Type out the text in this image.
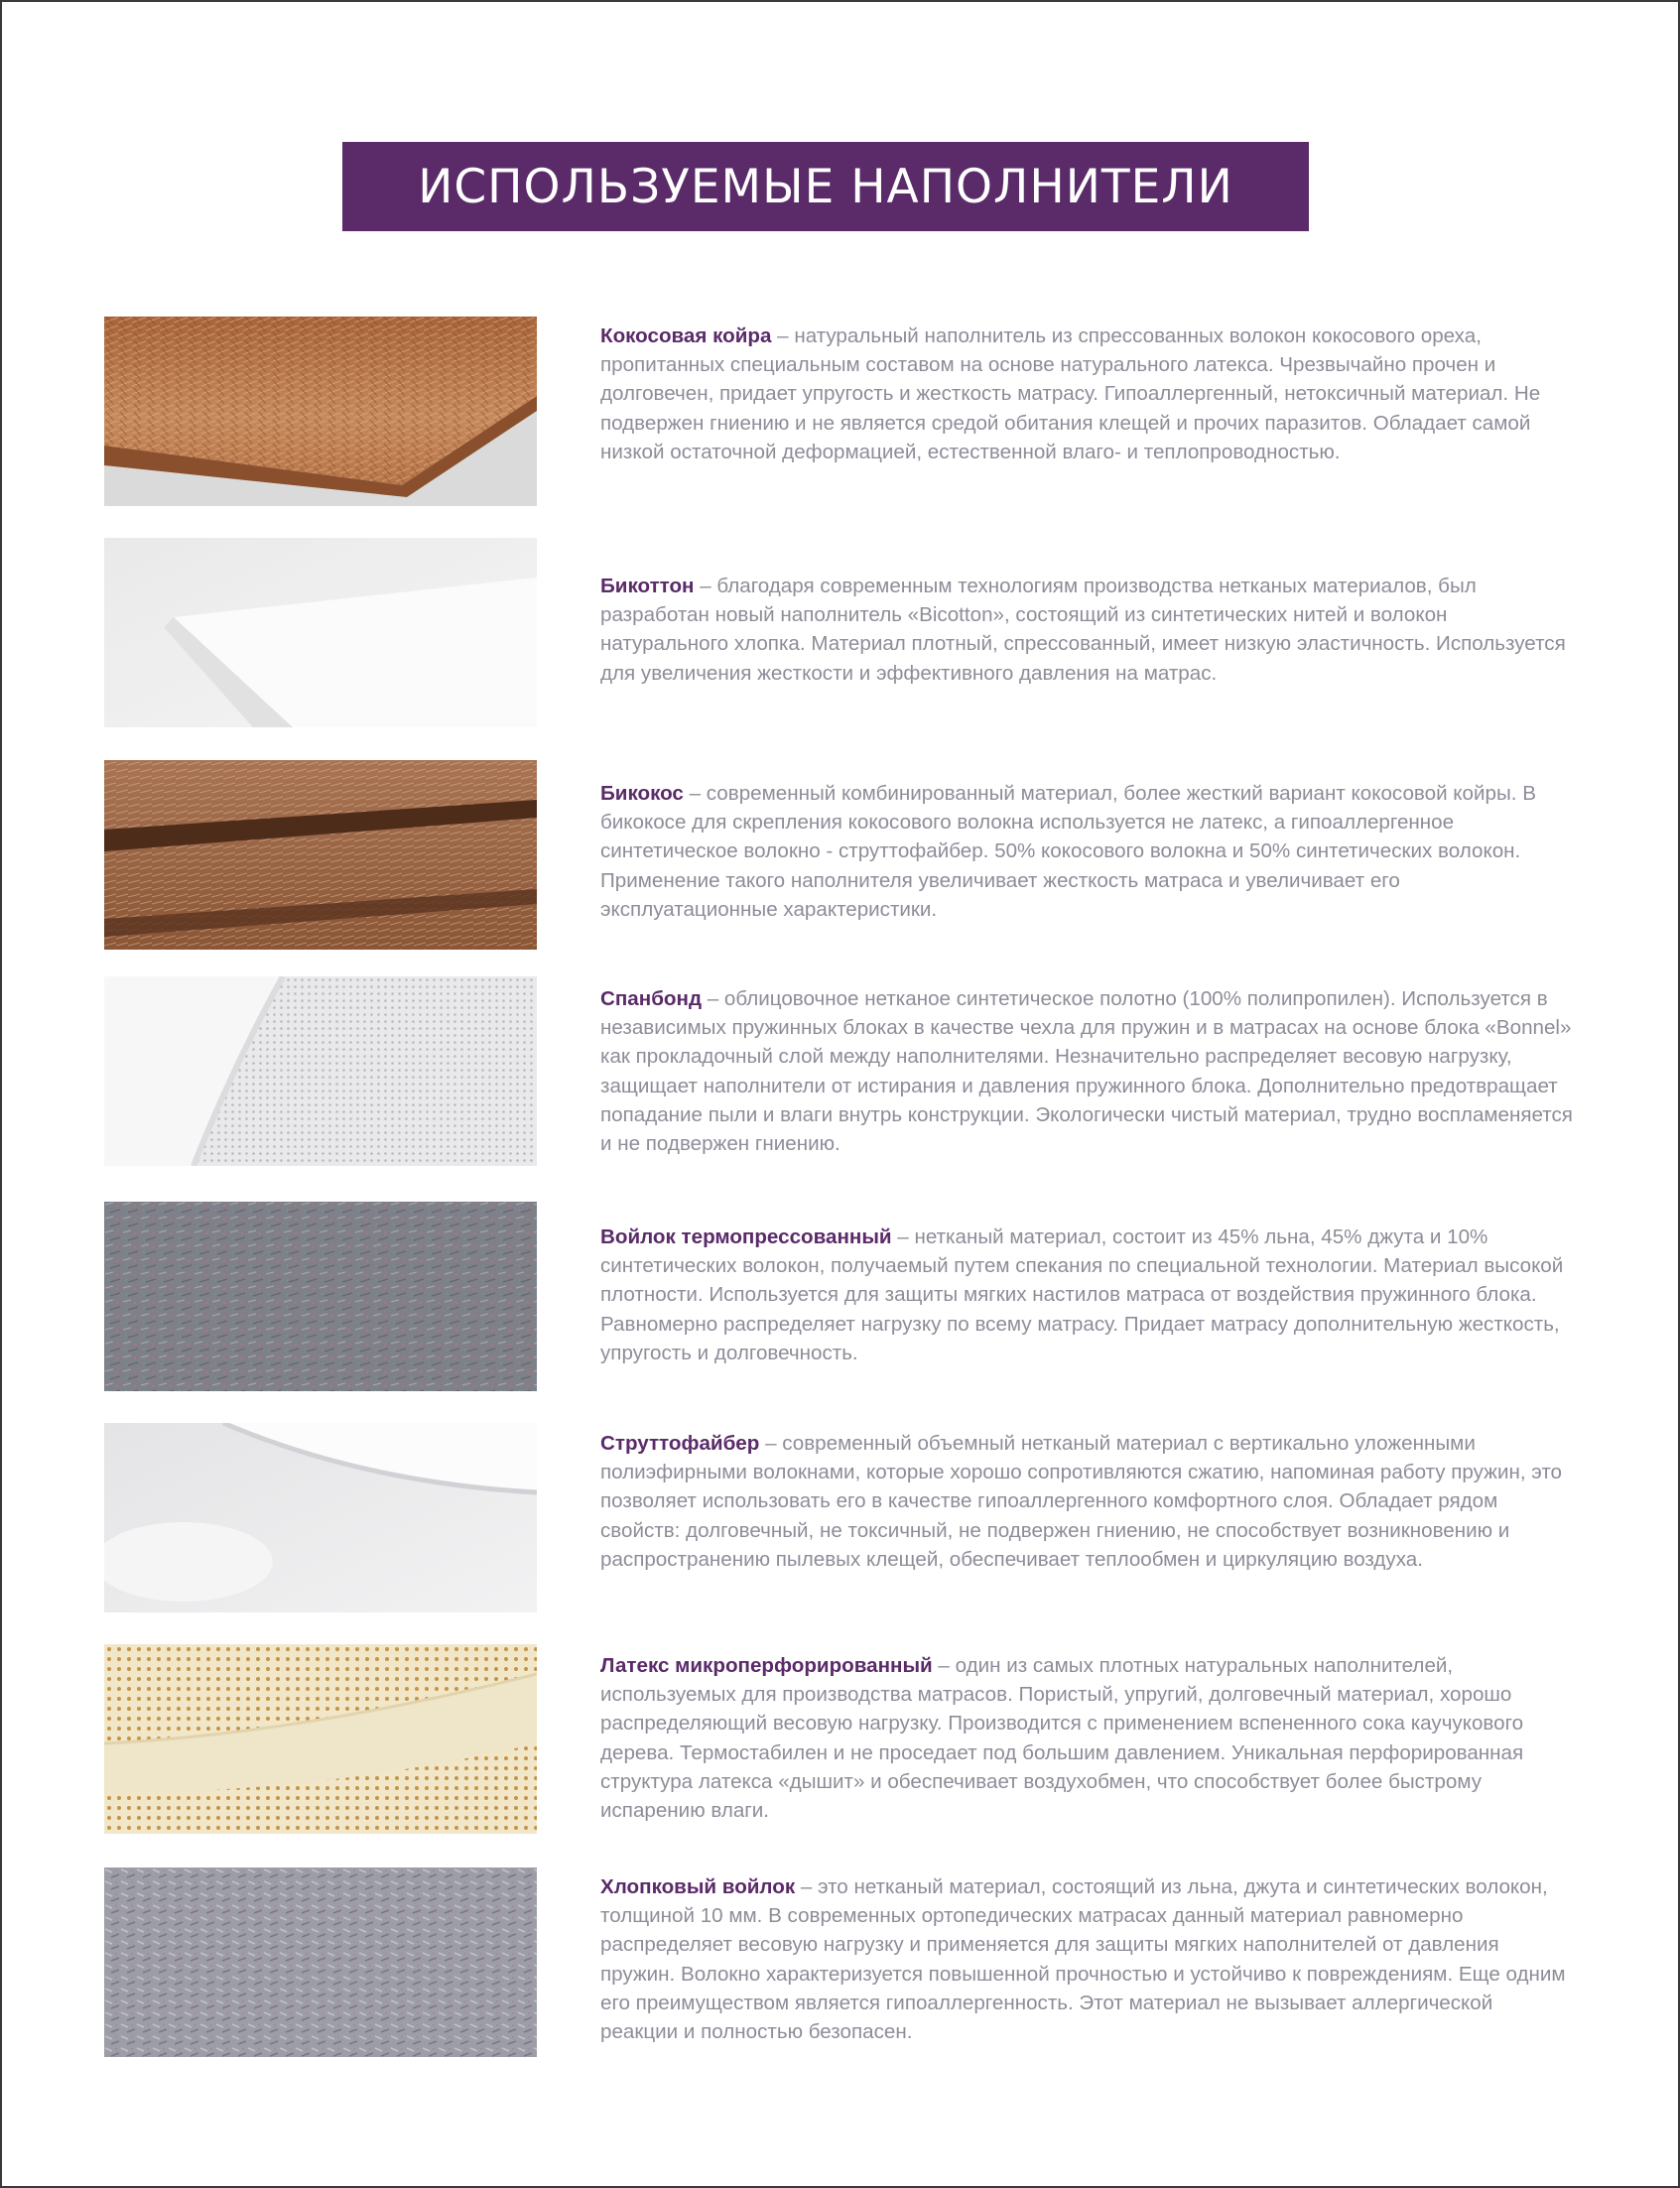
ИСПОЛЬЗУЕМЫЕ НАПОЛНИТЕЛИ

Кокосовая койра – натуральный наполнитель из спрессованных волокон кокосового ореха, пропитанных специальным составом на основе натурального латекса. Чрезвычайно прочен и долговечен, придает упругость и жесткость матрасу. Гипоаллергенный, нетоксичный материал. Не подвержен гниению и не является средой обитания клещей и прочих паразитов. Обладает самой низкой остаточной деформацией, естественной влаго- и теплопроводностью.

Бикоттон – благодаря современным технологиям производства нетканых материалов, был разработан новый наполнитель «Bicotton», состоящий из синтетических нитей и волокон натурального хлопка. Материал плотный, спрессованный, имеет низкую эластичность. Используется для увеличения жесткости и эффективного давления на матрас.

Бикокос – современный комбинированный материал, более жесткий вариант кокосовой койры. В бикокосе для скрепления кокосового волокна используется не латекс, а гипоаллергенное синтетическое волокно - струттофайбер. 50% кокосового волокна и 50% синтетических волокон. Применение такого наполнителя увеличивает жесткость матраса и увеличивает его эксплуатационные характеристики.

Спанбонд – облицовочное нетканое синтетическое полотно (100% полипропилен). Используется в независимых пружинных блоках в качестве чехла для пружин и в матрасах на основе блока «Bonnel» как прокладочный слой между наполнителями. Незначительно распределяет весовую нагрузку, защищает наполнители от истирания и давления пружинного блока. Дополнительно предотвращает попадание пыли и влаги внутрь конструкции. Экологически чистый материал, трудно воспламеняется и не подвержен гниению.

Войлок термопрессованный – нетканый материал, состоит из 45% льна, 45% джута и 10% синтетических волокон, получаемый путем спекания по специальной технологии. Материал высокой плотности. Используется для защиты мягких настилов матраса от воздействия пружинного блока. Равномерно распределяет нагрузку по всему матрасу. Придает матрасу дополнительную жесткость, упругость и долговечность.

Струттофайбер – современный объемный нетканый материал с вертикально уложенными полиэфирными волокнами, которые хорошо сопротивляются сжатию, напоминая работу пружин, это позволяет использовать его в качестве гипоаллергенного комфортного слоя. Обладает рядом свойств: долговечный, не токсичный, не подвержен гниению, не способствует возникновению и распространению пылевых клещей, обеспечивает теплообмен и циркуляцию воздуха.

Латекс микроперфорированный – один из самых плотных натуральных наполнителей, используемых для производства матрасов. Пористый, упругий, долговечный материал, хорошо распределяющий весовую нагрузку. Производится с применением вспененного сока каучукового дерева. Термостабилен и не проседает под большим давлением. Уникальная перфорированная структура латекса «дышит» и обеспечивает воздухобмен, что способствует более быстрому испарению влаги.

Хлопковый войлок – это нетканый материал, состоящий из льна, джута и синтетических волокон, толщиной 10 мм. В современных ортопедических матрасах данный материал равномерно распределяет весовую нагрузку и применяется для защиты мягких наполнителей от давления пружин. Волокно характеризуется повышенной прочностью и устойчиво к повреждениям. Еще одним его преимуществом является гипоаллергенность. Этот материал не вызывает аллергической реакции и полностью безопасен.
